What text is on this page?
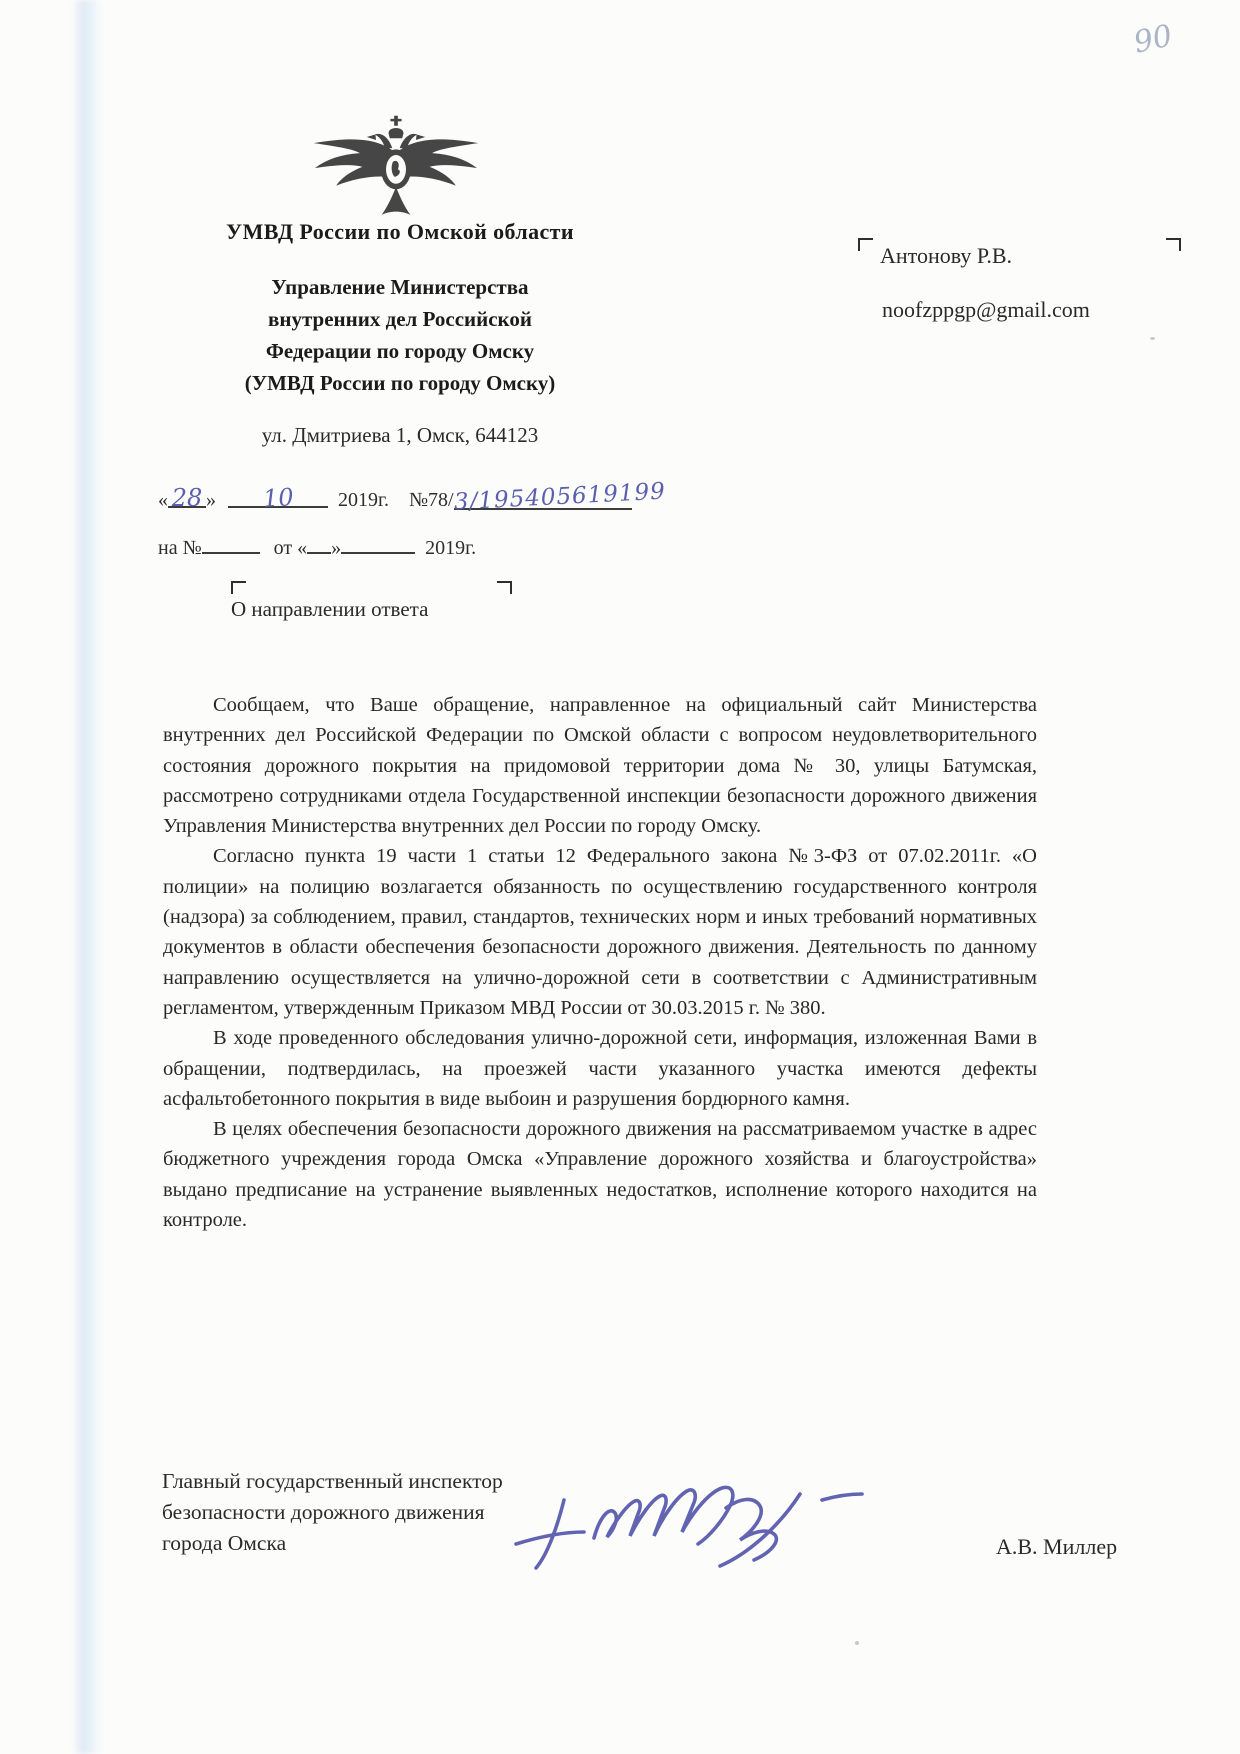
90
УМВД России по Омской области
Управление Министерства
внутренних дел Российской
Федерации по городу Омску
(УМВД России по городу Омску)
ул. Дмитриева 1, Омск, 644123
« 28 » 10 2019г. №78/3/195405619199
на №	от « »	2019г.
О направлении ответа
Антонову Р.В.
noofzppgp@gmail.com

Сообщаем, что Ваше обращение, направленное на официальный сайт Министерства внутренних дел Российской Федерации по Омской области с вопросом неудовлетворительного состояния дорожного покрытия на придомовой территории дома № 30, улицы Батумская, рассмотрено сотрудниками отдела Государственной инспекции безопасности дорожного движения Управления Министерства внутренних дел России по городу Омску.

Согласно пункта 19 части 1 статьи 12 Федерального закона №3-ФЗ от 07.02.2011г. «О полиции» на полицию возлагается обязанность по осуществлению государственного контроля (надзора) за соблюдением, правил, стандартов, технических норм и иных требований нормативных документов в области обеспечения безопасности дорожного движения. Деятельность по данному направлению осуществляется на улично-дорожной сети в соответствии с Административным регламентом, утвержденным Приказом МВД России от 30.03.2015 г. № 380.

В ходе проведенного обследования улично-дорожной сети, информация, изложенная Вами в обращении, подтвердилась, на проезжей части указанного участка имеются дефекты асфальтобетонного покрытия в виде выбоин и разрушения бордюрного камня.

В целях обеспечения безопасности дорожного движения на рассматриваемом участке в адрес бюджетного учреждения города Омска «Управление дорожного хозяйства и благоустройства» выдано предписание на устранение выявленных недостатков, исполнение которого находится на контроле.

Главный государственный инспектор
безопасности дорожного движения
города Омска	А.В. Миллер
